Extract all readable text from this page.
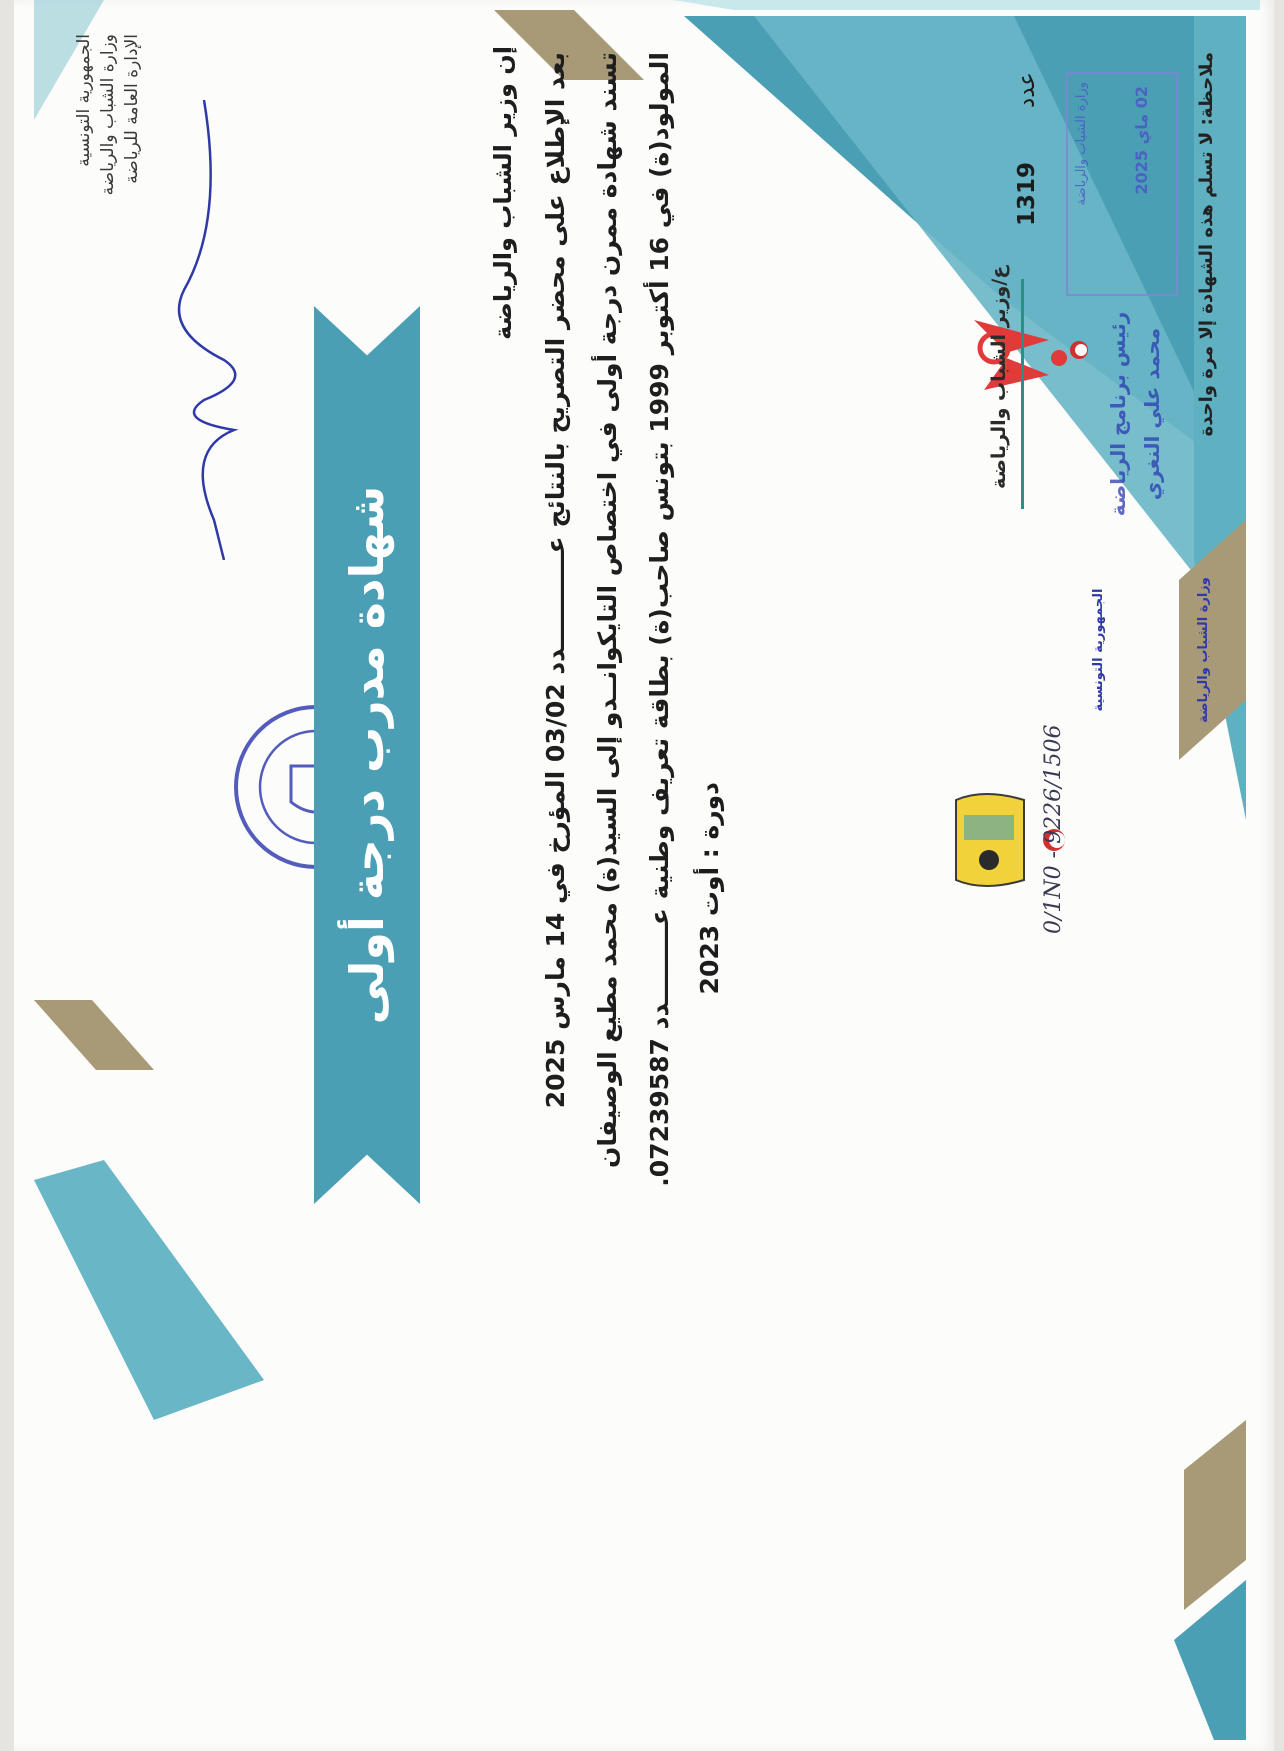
الجمهورية التونسية وزارة الشباب والرياضة الإدارة العامة للرياضة
شهادة مدرب درجة أولى
إن وزير الشباب والرياضة
بعد الإطلاع على محضر التصريح بالنتائج عـــــــــــدد 03/02 المؤرخ في 14 مارس 2025 تسند شهادة ممرن درجة أولى في اختصاص التايكوانــدو إلى السيد(ة) محمد مطيع الوصيفان
المولود(ة) في 16 أكتوبر 1999 بتونس صاحب(ة) بطاقة تعريف وطنية عـــــــــدد 07239587.
دورة : أوت 2023
عدد
1319	وزارة الشباب والرياضة	02 ماي 2025
0∕1N0 - 9226∕1506
الجمهورية التونسية	وزارة الشباب والرياضة
ع/وزير الشباب والرياضة	رئيس برنامج الرياضة محمد علي النغري ملاحظة: لا تسلم هذه الشهادة إلا مرة واحدة
